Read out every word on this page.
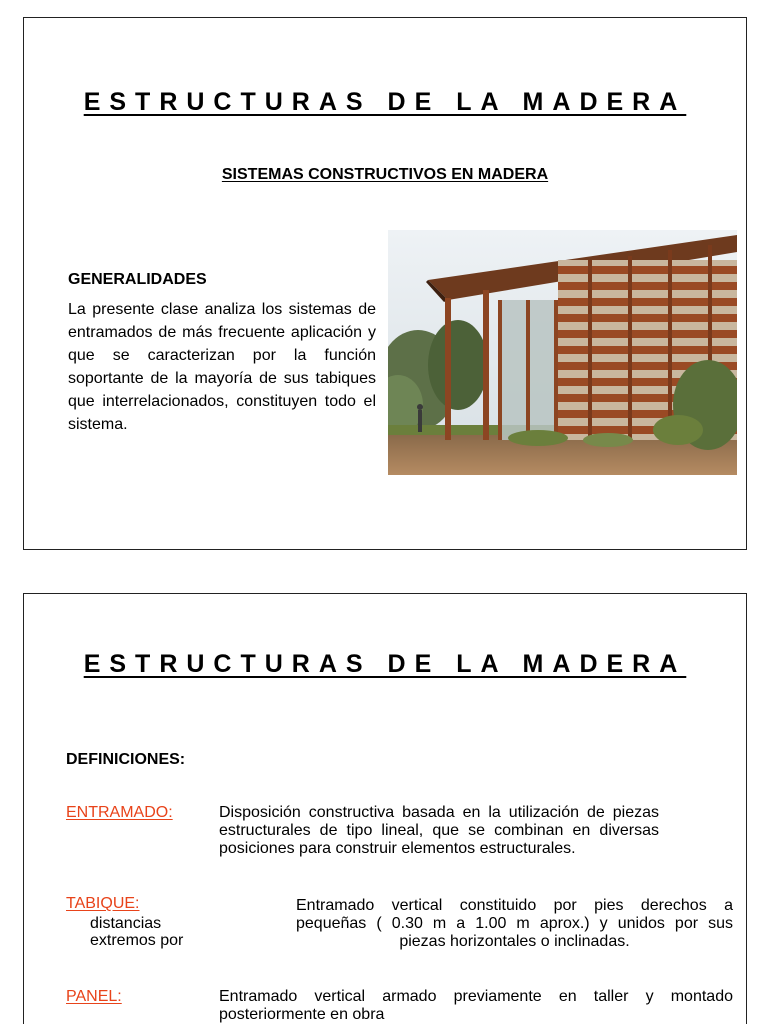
ESTRUCTURAS DE LA MADERA
SISTEMAS CONSTRUCTIVOS EN MADERA
GENERALIDADES
La presente clase analiza los sistemas de entramados de más frecuente aplicación y que se caracterizan por la función soportante de la mayoría de sus tabiques que interrelacionados, constituyen todo el sistema.
ESTRUCTURAS DE LA MADERA
DEFINICIONES:
ENTRAMADO:	Disposición constructiva basada en la utilización de piezas estructurales de tipo lineal, que se combinan en diversas posiciones para construir elementos estructurales.
TABIQUE:
distancias
extremos por
Entramado vertical constituido por pies derechos a
pequeñas ( 0.30 m a 1.00 m aprox.) y unidos por sus
piezas horizontales o inclinadas.
PANEL:	Entramado vertical armado previamente en taller y montado posteriormente en obra
